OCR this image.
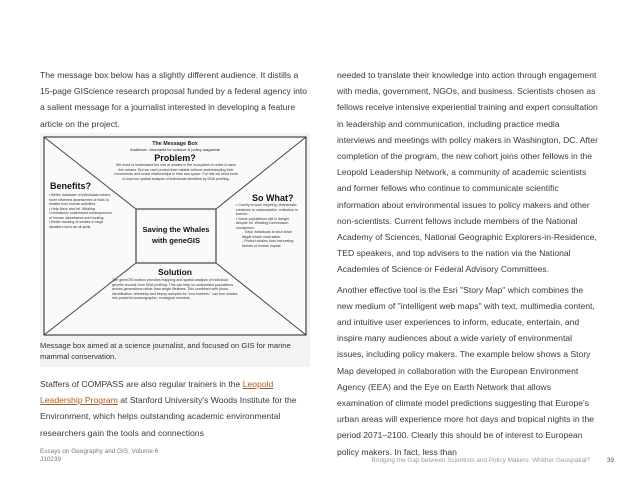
The message box below has a slightly different audience. It distills a 15-page GIScience research proposal funded by a federal agency into a salient message for a journalist interested in developing a feature article on the project.

The Message Box
Audience: Journalist for science & policy magazine
Problem?
We need to understand the role of whales in the ecosystem in order to save the oceans. But we can't protect their habitat without understanding their movements and social relationships in time and space. For this we need tools to improve spatial analysis of individuals identified by DNA profiling.
Benefits?
• Better database of individuals means more informed assessment of risks to whales from human activities.
• Help Navy and Int. Whaling Commission understand consequences of human disturbance and hunting.
• Better tracking of whales in large disasters such as oil spills.	Saving the Whales
with geneGIS
So What?
• Cruelty to such inspiring, charismatic creatures is unacceptable, extinction is forever.
• Some populations still in danger despite Int. Whaling Commission moratorium.
- Track individuals to shut down illegal whale meat sales.
- Protect whales from increasing threats of human impact.
Solution
The geneGIS toolbox provides mapping and spatial analysis of individual genetic records from DNA profiling. This can help us understand populations across generations rather than single lifetimes. This combined with photo-identification, telemetry and biopsy samples for "eco-markers," can turn whales into powerful oceanographic, ecological monitors.
Message box aimed at a science journalist, and focused on GIS for marine mammal conservation.

Staffers of COMPASS are also regular trainers in the Leopold Leadership Program at Stanford University's Woods Institute for the Environment, which helps outstanding academic environmental researchers gain the tools and connections

needed to translate their knowledge into action through engagement with media, government, NGOs, and business. Scientists chosen as fellows receive intensive experiential training and expert consultation in leadership and communication, including practice media interviews and meetings with policy makers in Washington, DC. After completion of the program, the new cohort joins other fellows in the Leopold Leadership Network, a community of academic scientists and former fellows who continue to communicate scientific information about environmental issues to policy makers and other non-scientists. Current fellows include members of the National Academy of Sciences, National Geographic Explorers-in-Residence, TED speakers, and top advisers to the nation via the National Academies of Science or Federal Advisory Committees.

Another effective tool is the Esri "Story Map" which combines the new medium of "intelligent web maps" with text, multimedia content, and intuitive user experiences to inform, educate, entertain, and inspire many audiences about a wide variety of environmental issues, including policy makers. The example below shows a Story Map developed in collaboration with the European Environment Agency (EEA) and the Eye on Earth Network that allows examination of climate model predictions suggesting that Europe's urban areas will experience more hot days and tropical nights in the period 2071–2100. Clearly this should be of interest to European policy makers. In fact, less than

Essays on Geography and GIS, Volume 6
J10239	Bridging the Gap between Scientists and Policy Makers: Whither Geospatial?	39
